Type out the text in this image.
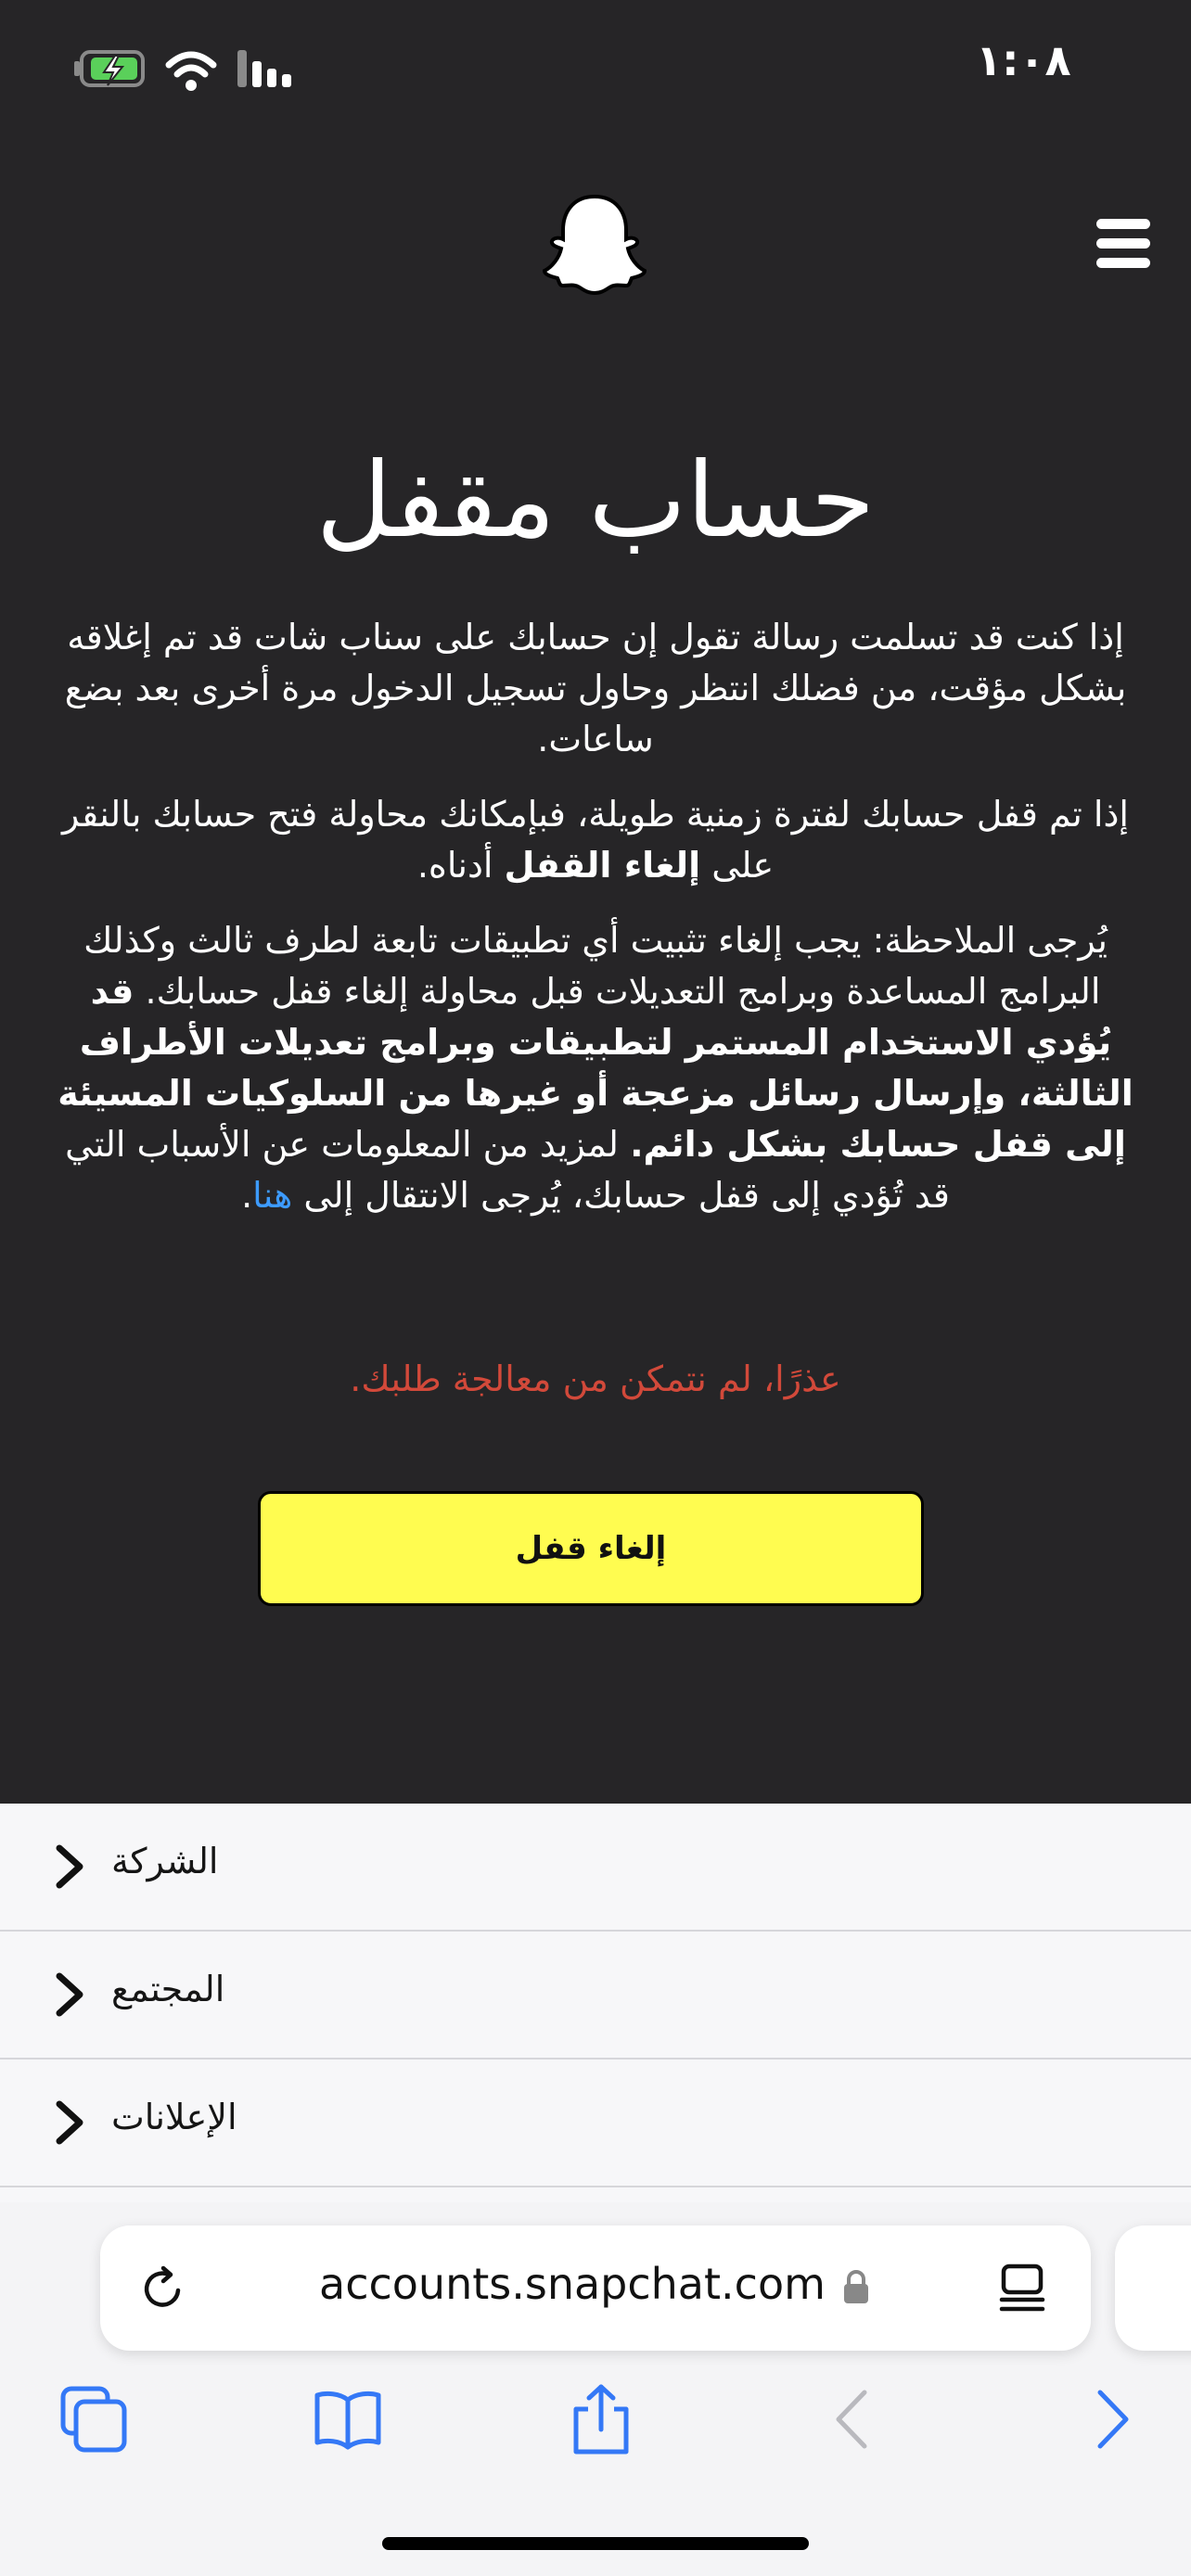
١:٠٨
حساب مقفل

إذا كنت قد تسلمت رسالة تقول إن حسابك على سناب شات قد تم إغلاقه بشكل مؤقت، من فضلك انتظر وحاول تسجيل الدخول مرة أخرى بعد بضع ساعات.

إذا تم قفل حسابك لفترة زمنية طويلة، فبإمكانك محاولة فتح حسابك بالنقر على إلغاء القفل أدناه.

يُرجى الملاحظة: يجب إلغاء تثبيت أي تطبيقات تابعة لطرف ثالث وكذلك البرامج المساعدة وبرامج التعديلات قبل محاولة إلغاء قفل حسابك. قد يُؤدي الاستخدام المستمر لتطبيقات وبرامج تعديلات الأطراف الثالثة، وإرسال رسائل مزعجة أو غيرها من السلوكيات المسيئة إلى قفل حسابك بشكل دائم. لمزيد من المعلومات عن الأسباب التي قد تُؤدي إلى قفل حسابك، يُرجى الانتقال إلى هنا.

عذرًا، لم نتمكن من معالجة طلبك.
إلغاء قفل
الشركة
المجتمع
الإعلانات
accounts.snapchat.com
